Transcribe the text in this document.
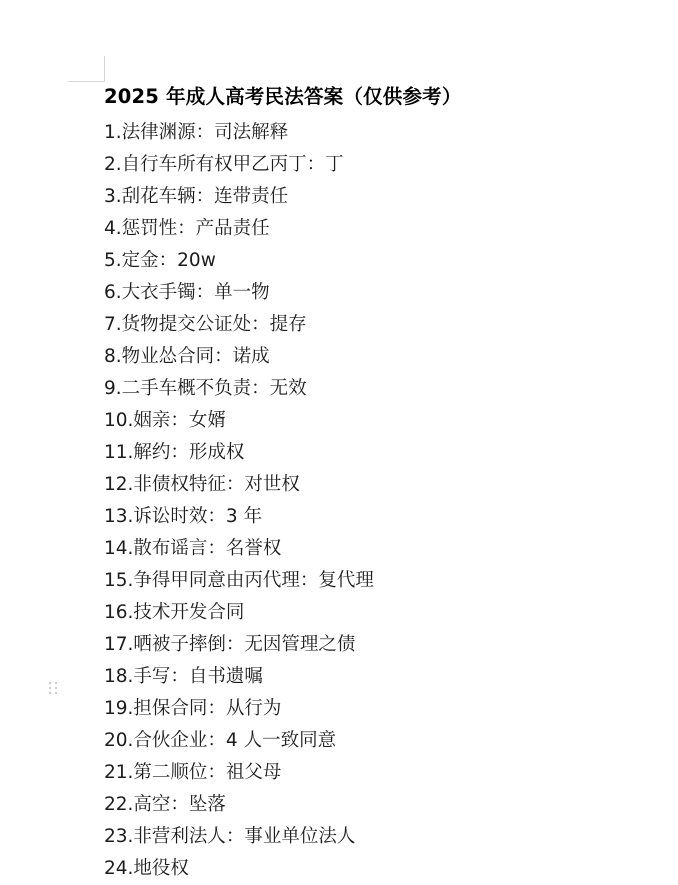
2025 年成人高考民法答案（仅供参考）
1.法律渊源：司法解释
2.自行车所有权甲乙丙丁：丁
3.刮花车辆：连带责任
4.惩罚性：产品责任
5.定金：20w
6.大衣手镯：单一物
7.货物提交公证处：提存
8.物业怂合同：诺成
9.二手车概不负责：无效
10.姻亲：女婿
11.解约：形成权
12.非债权特征：对世权
13.诉讼时效：3 年
14.散布谣言：名誉权
15.争得甲同意由丙代理：复代理
16.技术开发合同
17.哂被子摔倒：无因管理之债
18.手写：自书遗嘱
19.担保合同：从行为
20.合伙企业：4 人一致同意
21.第二顺位：祖父母
22.高空：坠落
23.非营利法人：事业单位法人
24.地役权
